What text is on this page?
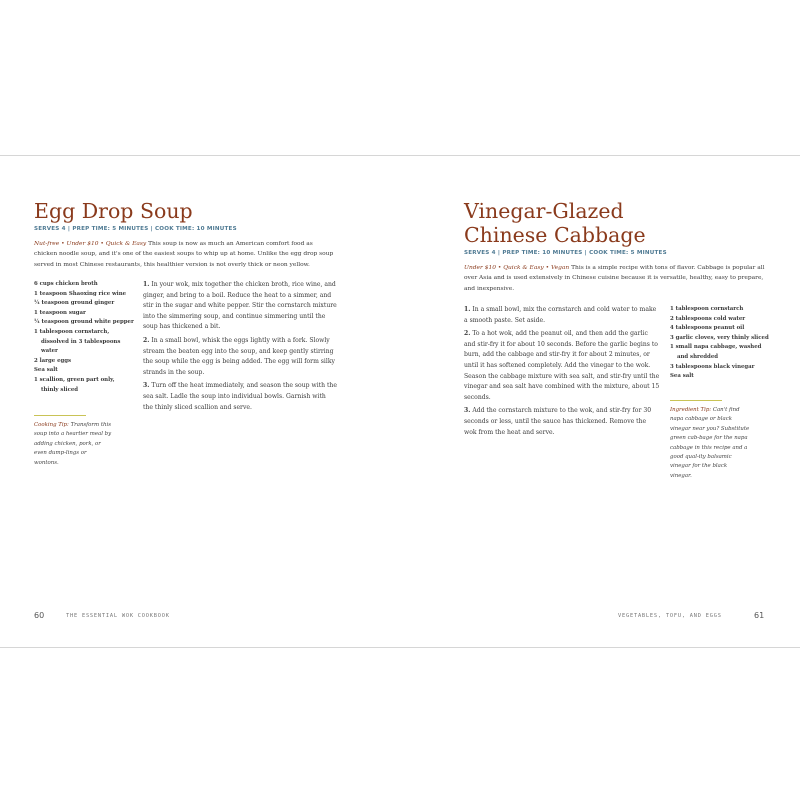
Egg Drop Soup
SERVES 4 | PREP TIME: 5 MINUTES | COOK TIME: 10 MINUTES
Nut-free • Under $10 • Quick & Easy This soup is now as much an American comfort food as chicken noodle soup, and it's one of the easiest soups to whip up at home. Unlike the egg drop soup served in most Chinese restaurants, this healthier version is not overly thick or neon yellow.
6 cups chicken broth
1 teaspoon Shaoxing rice wine
¼ teaspoon ground ginger
1 teaspoon sugar
¼ teaspoon ground white pepper
1 tablespoon cornstarch,
dissolved in 3 tablespoons
water
2 large eggs
Sea salt
1 scallion, green part only,
thinly sliced
1. In your wok, mix together the chicken broth, rice wine, and ginger, and bring to a boil. Reduce the heat to a simmer, and stir in the sugar and white pepper. Stir the cornstarch mixture into the simmering soup, and continue simmering until the soup has thickened a bit.
2. In a small bowl, whisk the eggs lightly with a fork. Slowly stream the beaten egg into the soup, and keep gently stirring the soup while the egg is being added. The egg will form silky strands in the soup.
3. Turn off the heat immediately, and season the soup with the sea salt. Ladle the soup into individual bowls. Garnish with the thinly sliced scallion and serve.
Cooking Tip: Transform this soup into a heartier meal by adding chicken, pork, or even dump-lings or wontons.
60	THE ESSENTIAL WOK COOKBOOK
Vinegar-Glazed
Chinese Cabbage
SERVES 4 | PREP TIME: 10 MINUTES | COOK TIME: 5 MINUTES
Under $10 • Quick & Easy • Vegan This is a simple recipe with tons of flavor. Cabbage is popular all over Asia and is used extensively in Chinese cuisine because it is versatile, healthy, easy to prepare, and inexpensive.
1. In a small bowl, mix the cornstarch and cold water to make a smooth paste. Set aside.
2. To a hot wok, add the peanut oil, and then add the garlic and stir-fry it for about 10 seconds. Before the garlic begins to burn, add the cabbage and stir-fry it for about 2 minutes, or until it has softened completely. Add the vinegar to the wok. Season the cabbage mixture with sea salt, and stir-fry until the vinegar and sea salt have combined with the mixture, about 15 seconds.
3. Add the cornstarch mixture to the wok, and stir-fry for 30 seconds or less, until the sauce has thickened. Remove the wok from the heat and serve.
1 tablespoon cornstarch
2 tablespoons cold water
4 tablespoons peanut oil
3 garlic cloves, very thinly sliced
1 small napa cabbage, washed
and shredded
3 tablespoons black vinegar
Sea salt
Ingredient Tip: Can't find napa cabbage or black vinegar near you? Substitute green cab-bage for the napa cabbage in this recipe and a good qual-ity balsamic vinegar for the black vinegar.
VEGETABLES, TOFU, AND EGGS	61
